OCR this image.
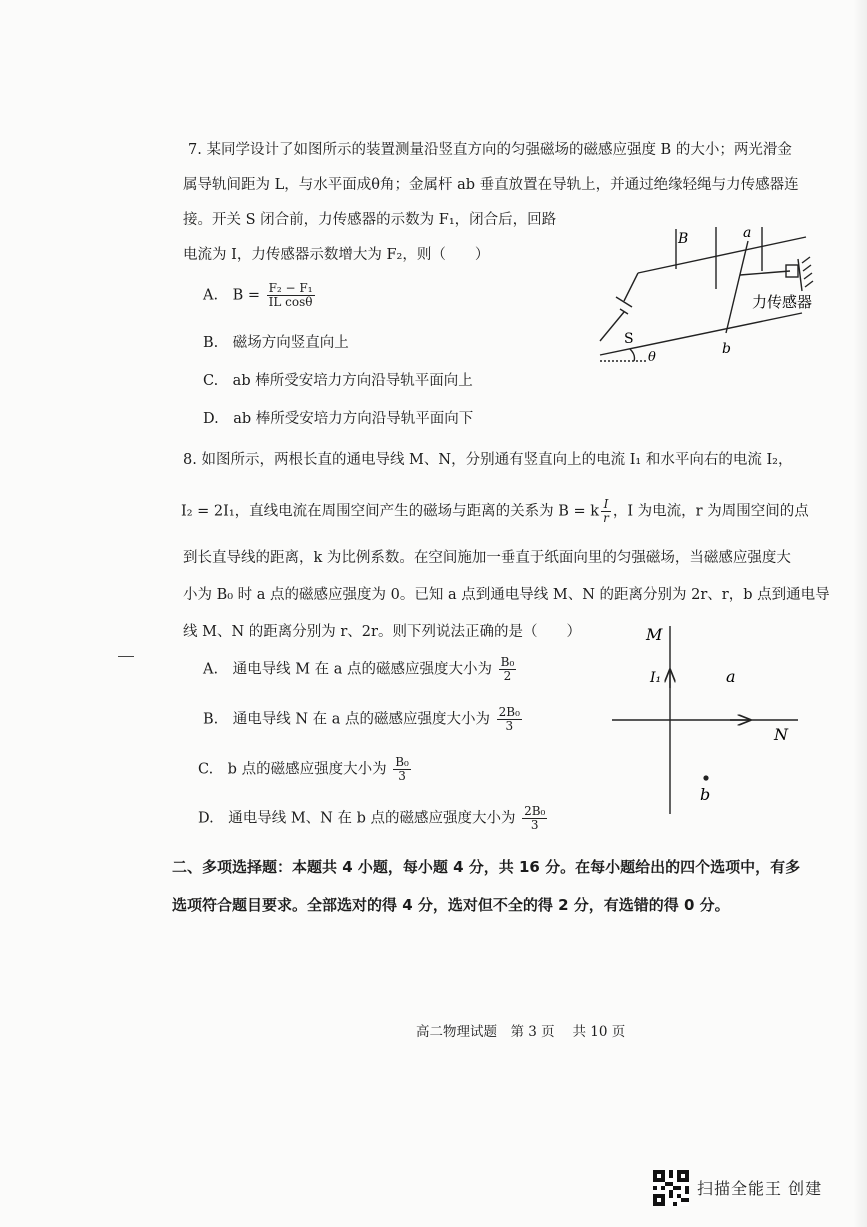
7. 某同学设计了如图所示的装置测量沿竖直方向的匀强磁场的磁感应强度 B 的大小；两光滑金
属导轨间距为 L，与水平面成θ角；金属杆 ab 垂直放置在导轨上，并通过绝缘轻绳与力传感器连
接。开关 S 闭合前，力传感器的示数为 F₁，闭合后，回路
电流为 I，力传感器示数增大为 F₂，则（　　）
A.　$B = \frac{\text{F₂ − F₁}}{\text{IL cosθ}}$
B.　磁场方向竖直向上
C.　ab 棒所受安培力方向沿导轨平面向上
D.　ab 棒所受安培力方向沿导轨平面向下
B	a
b
S
θ
力传感器
8. 如图所示，两根长直的通电导线 M、N，分别通有竖直向上的电流 I₁ 和水平向右的电流 I₂，
I₂ = 2I₁，直线电流在周围空间产生的磁场与距离的关系为 B = k $\frac{I}{r}$ ，I 为电流，r 为周围空间的点
到长直导线的距离，k 为比例系数。在空间施加一垂直于纸面向里的匀强磁场，当磁感应强度大
小为 B₀ 时 a 点的磁感应强度为 0。已知 a 点到通电导线 M、N 的距离分别为 2r、r，b 点到通电导
线 M、N 的距离分别为 r、2r。则下列说法正确的是（　　）
A.　通电导线 M 在 a 点的磁感应强度大小为 $\frac{\text{B₀}}{2}$
B.　通电导线 N 在 a 点的磁感应强度大小为 $\frac{\text{2B₀}}{3}$
C.　b 点的磁感应强度大小为 $\frac{\text{B₀}}{3}$
D.　通电导线 M、N 在 b 点的磁感应强度大小为 $\frac{\text{2B₀}}{3}$
M
N
I₁	a
b
二、多项选择题：本题共 4 小题，每小题 4 分，共 16 分。在每小题给出的四个选项中，有多
选项符合题目要求。全部选对的得 4 分，选对但不全的得 2 分，有选错的得 0 分。
高二物理试题　第 3 页　 共 10 页
扫描全能王 创建
